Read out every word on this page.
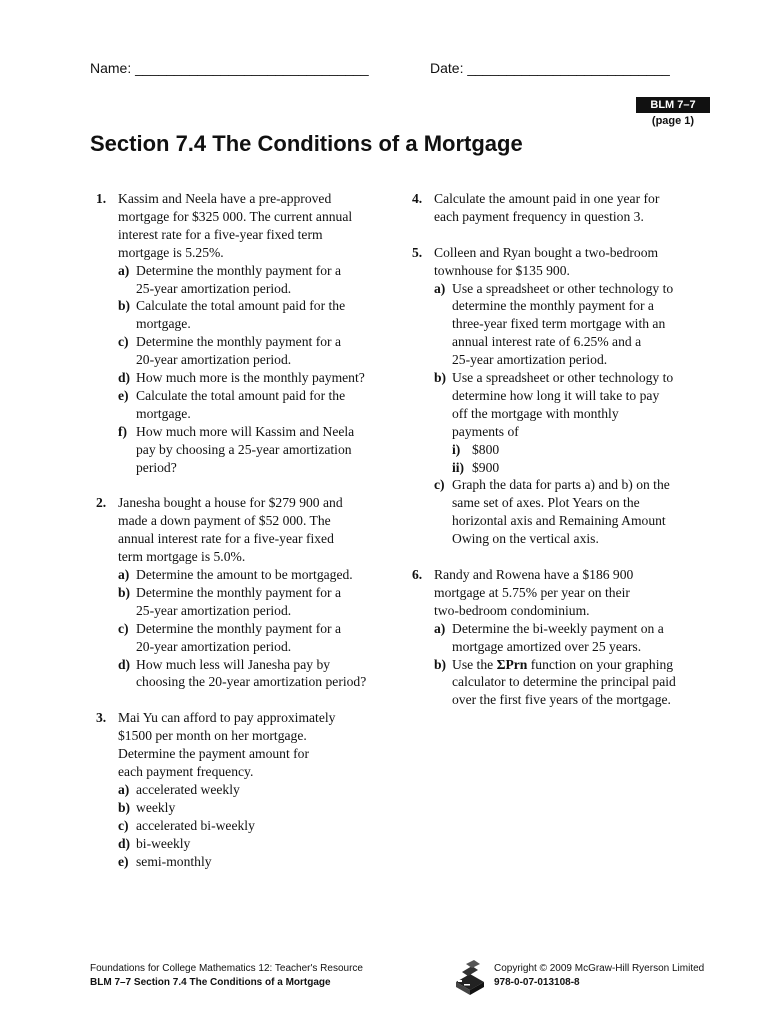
Name: ______________________________	Date: __________________________
BLM 7–7
(page 1)
Section 7.4 The Conditions of a Mortgage
1. Kassim and Neela have a pre-approved
mortgage for $325 000. The current annual
interest rate for a five-year fixed term
mortgage is 5.25%.
a) Determine the monthly payment for a
25-year amortization period.
b) Calculate the total amount paid for the
mortgage.
c) Determine the monthly payment for a
20-year amortization period.
d) How much more is the monthly payment?
e) Calculate the total amount paid for the
mortgage.
f) How much more will Kassim and Neela
pay by choosing a 25-year amortization
period?
2. Janesha bought a house for $279 900 and
made a down payment of $52 000. The
annual interest rate for a five-year fixed
term mortgage is 5.0%.
a) Determine the amount to be mortgaged.
b) Determine the monthly payment for a
25-year amortization period.
c) Determine the monthly payment for a
20-year amortization period.
d) How much less will Janesha pay by
choosing the 20-year amortization period?
3. Mai Yu can afford to pay approximately
$1500 per month on her mortgage.
Determine the payment amount for
each payment frequency.
a) accelerated weekly
b) weekly
c) accelerated bi-weekly
d) bi-weekly
e) semi-monthly
4. Calculate the amount paid in one year for
each payment frequency in question 3.
5. Colleen and Ryan bought a two-bedroom
townhouse for $135 900.
a) Use a spreadsheet or other technology to
determine the monthly payment for a
three-year fixed term mortgage with an
annual interest rate of 6.25% and a
25-year amortization period.
b) Use a spreadsheet or other technology to
determine how long it will take to pay
off the mortgage with monthly
payments of
i) $800
ii) $900
c) Graph the data for parts a) and b) on the
same set of axes. Plot Years on the
horizontal axis and Remaining Amount
Owing on the vertical axis.
6. Randy and Rowena have a $186 900
mortgage at 5.75% per year on their
two-bedroom condominium.
a) Determine the bi-weekly payment on a
mortgage amortized over 25 years.
b) Use the ΣPrn function on your graphing
calculator to determine the principal paid
over the first five years of the mortgage.
Foundations for College Mathematics 12: Teacher's Resource
BLM 7–7 Section 7.4 The Conditions of a Mortgage
Copyright © 2009 McGraw-Hill Ryerson Limited
978-0-07-013108-8
